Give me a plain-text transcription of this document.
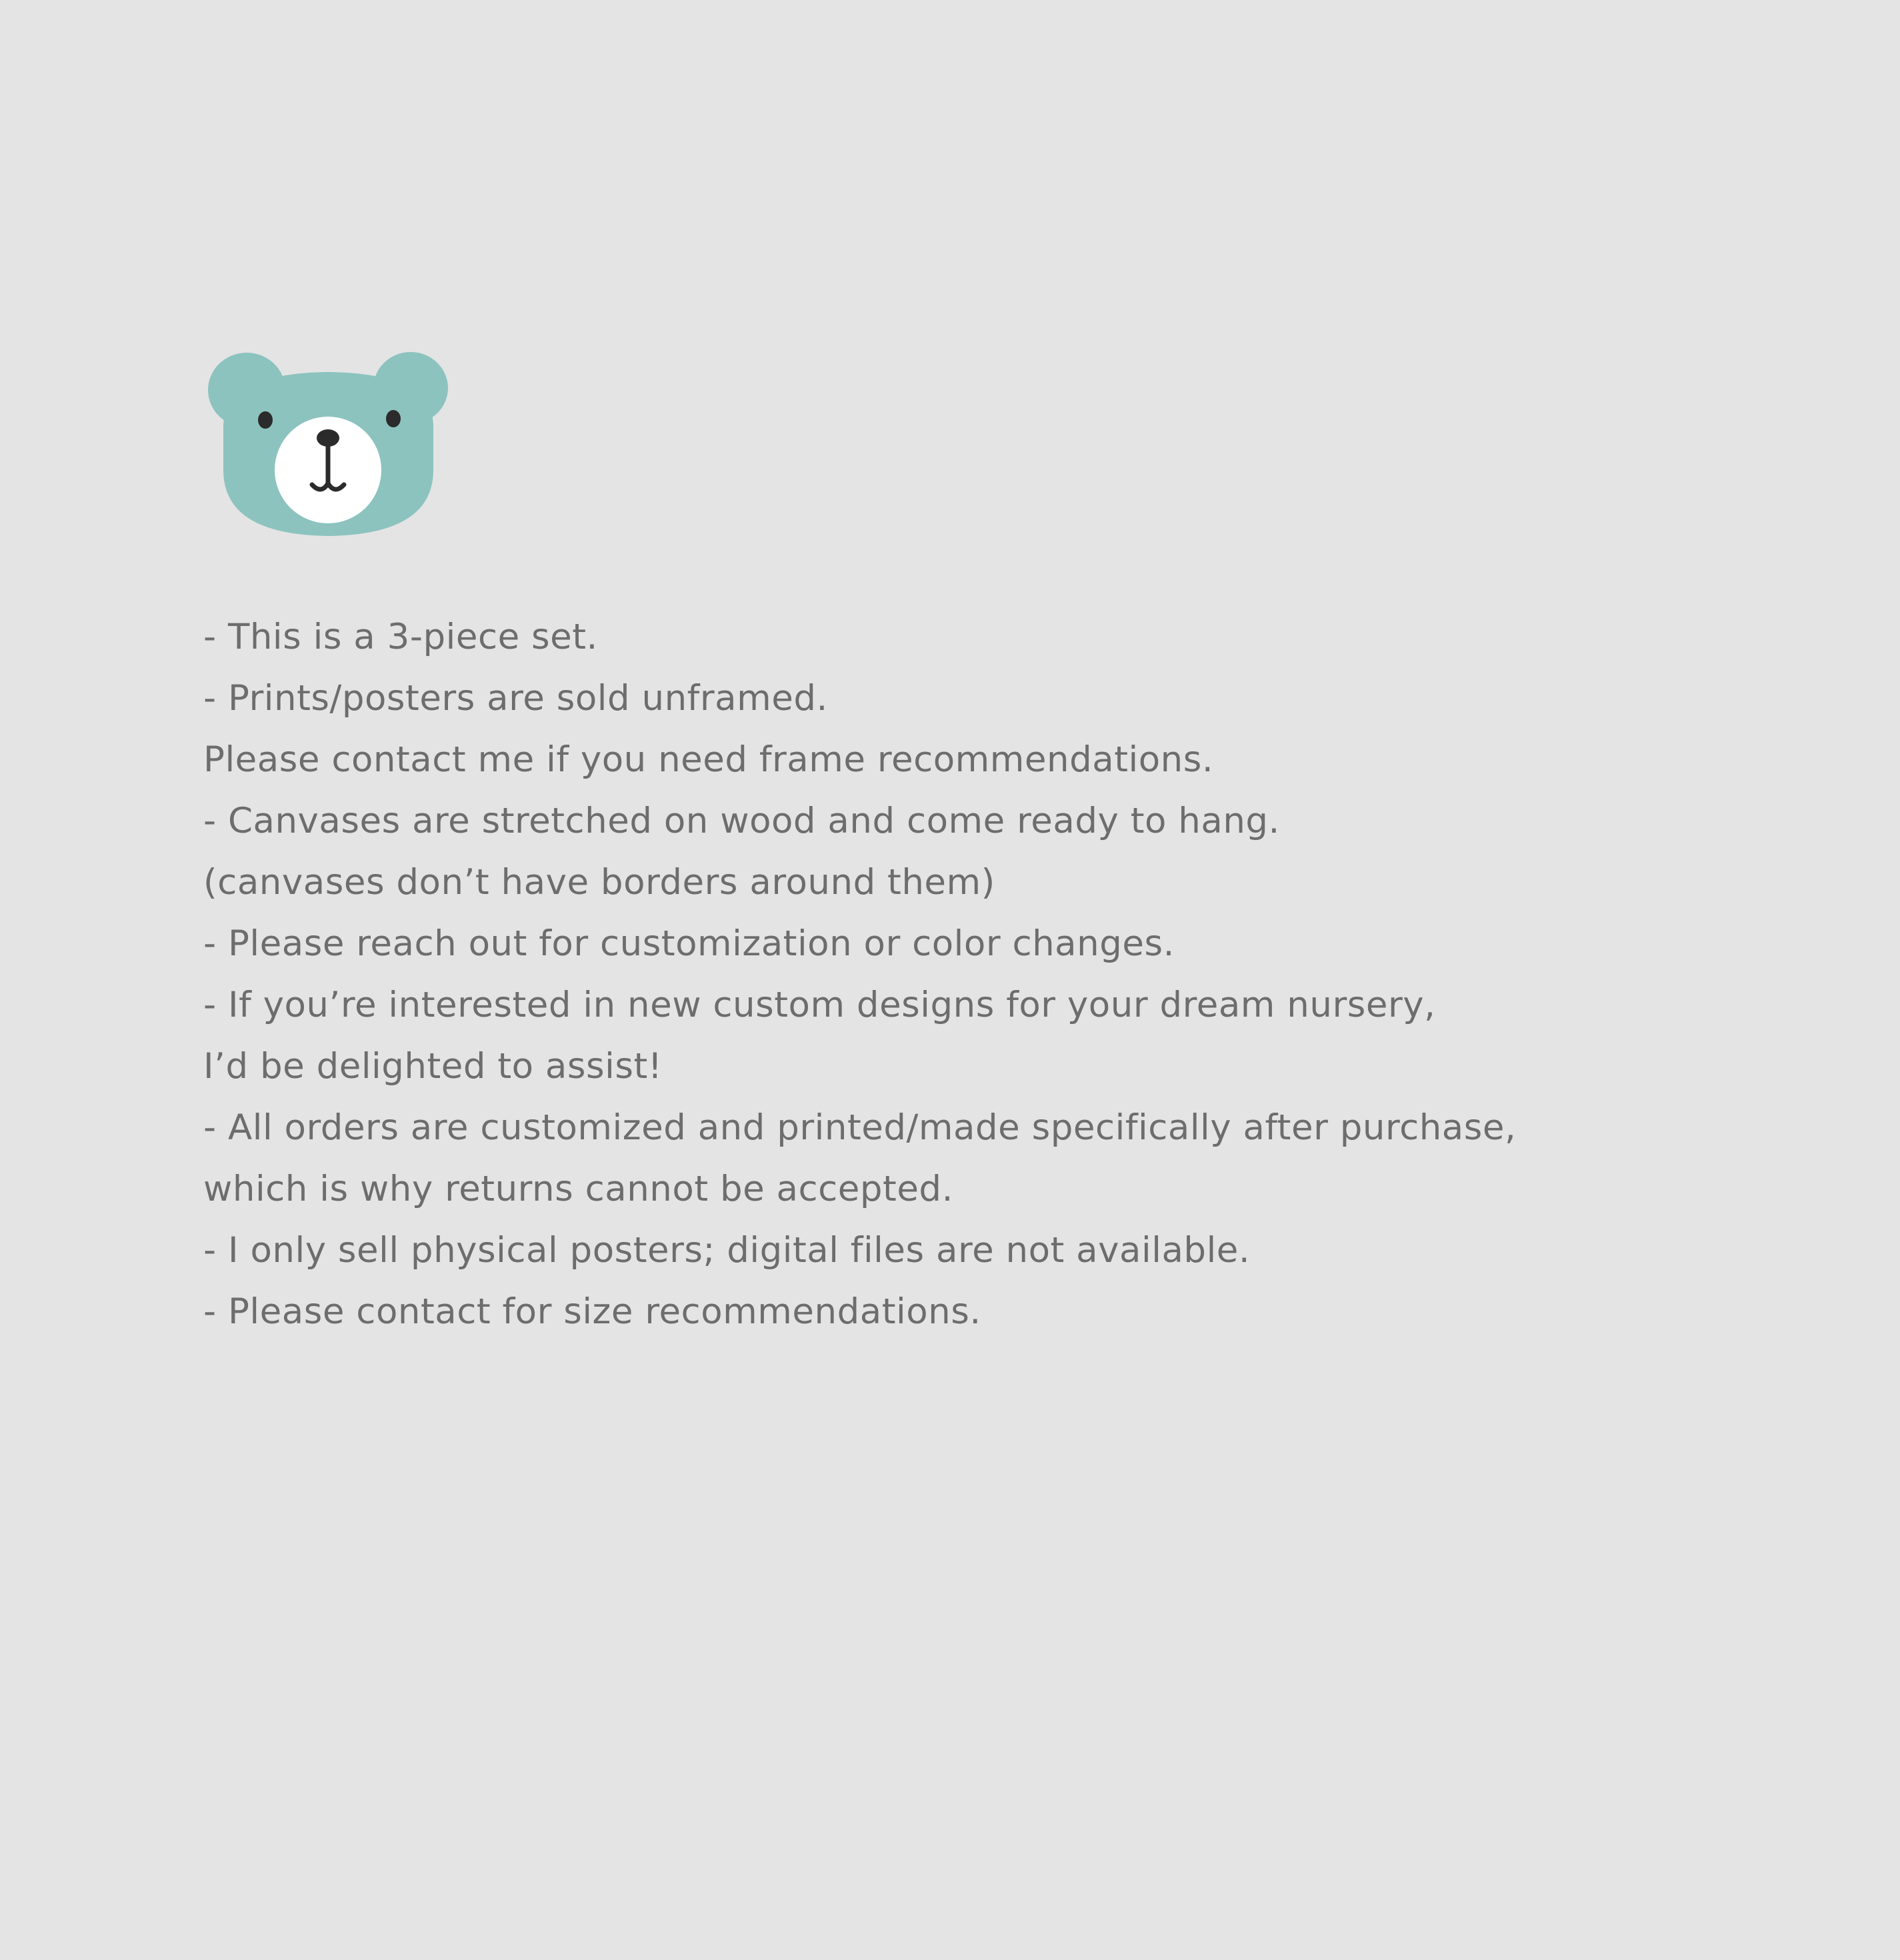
- This is a 3-piece set.
- Prints/posters are sold unframed.
Please contact me if you need frame recommendations.
- Canvases are stretched on wood and come ready to hang.
(canvases don’t have borders around them)
- Please reach out for customization or color changes.
- If you’re interested in new custom designs for your dream nursery,
I’d be delighted to assist!
- All orders are customized and printed/made specifically after purchase,
which is why returns cannot be accepted.
- I only sell physical posters; digital files are not available.
- Please contact for size recommendations.
